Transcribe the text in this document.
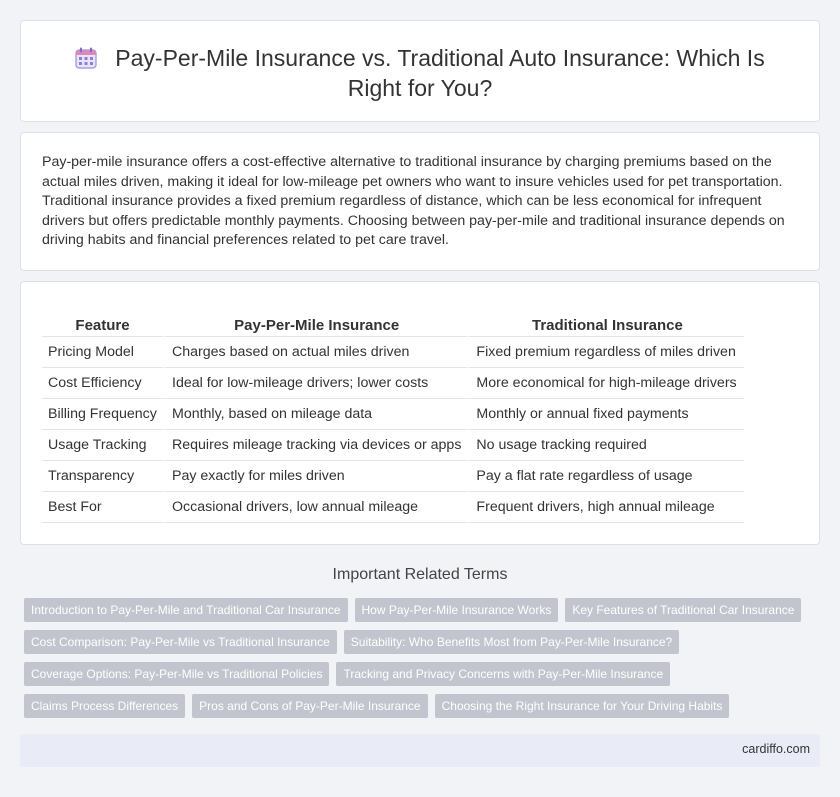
Pay-Per-Mile Insurance vs. Traditional Auto Insurance: Which Is Right for You?

Pay-per-mile insurance offers a cost-effective alternative to traditional insurance by charging premiums based on the actual miles driven, making it ideal for low-mileage pet owners who want to insure vehicles used for pet transportation. Traditional insurance provides a fixed premium regardless of distance, which can be less economical for infrequent drivers but offers predictable monthly payments. Choosing between pay-per-mile and traditional insurance depends on driving habits and financial preferences related to pet care travel.

Feature	Pay-Per-Mile Insurance	Traditional Insurance
Pricing Model	Charges based on actual miles driven	Fixed premium regardless of miles driven
Cost Efficiency	Ideal for low-mileage drivers; lower costs	More economical for high-mileage drivers
Billing Frequency	Monthly, based on mileage data	Monthly or annual fixed payments
Usage Tracking	Requires mileage tracking via devices or apps	No usage tracking required
Transparency	Pay exactly for miles driven	Pay a flat rate regardless of usage
Best For	Occasional drivers, low annual mileage	Frequent drivers, high annual mileage
Important Related Terms
Introduction to Pay-Per-Mile and Traditional Car Insurance	How Pay-Per-Mile Insurance Works	Key Features of Traditional Car Insurance
Cost Comparison: Pay-Per-Mile vs Traditional Insurance	Suitability: Who Benefits Most from Pay-Per-Mile Insurance?
Coverage Options: Pay-Per-Mile vs Traditional Policies	Tracking and Privacy Concerns with Pay-Per-Mile Insurance
Claims Process Differences	Pros and Cons of Pay-Per-Mile Insurance	Choosing the Right Insurance for Your Driving Habits
cardiffo.com
